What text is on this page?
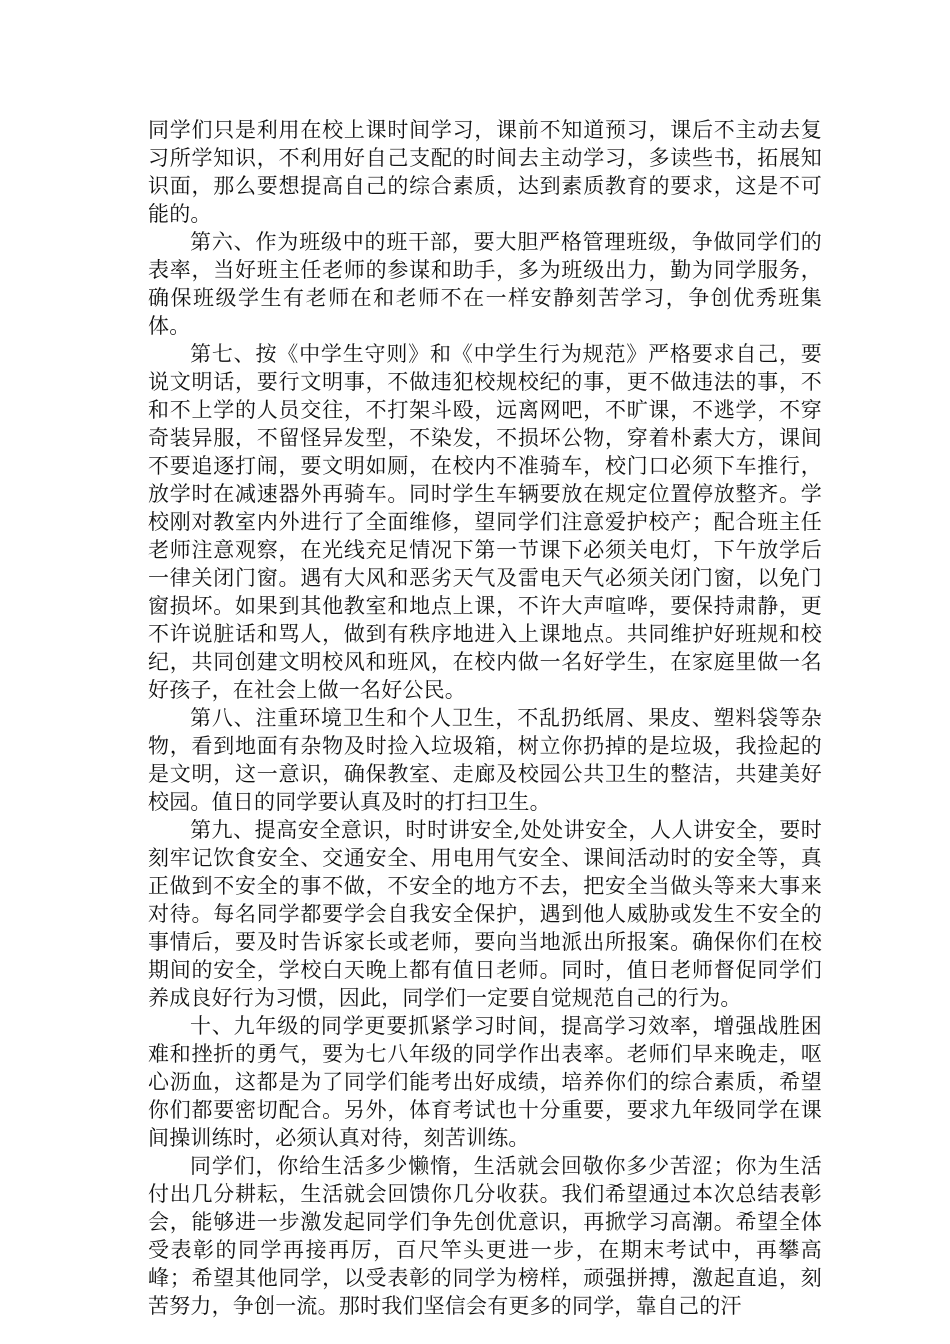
同学们只是利用在校上课时间学习，课前不知道预习，课后不主动去复习所学知识，不利用好自己支配的时间去主动学习，多读些书，拓展知识面，那么要想提高自己的综合素质，达到素质教育的要求，这是不可能的。

第六、作为班级中的班干部，要大胆严格管理班级，争做同学们的表率，当好班主任老师的参谋和助手，多为班级出力，勤为同学服务，确保班级学生有老师在和老师不在一样安静刻苦学习，争创优秀班集体。

第七、按《中学生守则》和《中学生行为规范》严格要求自己，要说文明话，要行文明事，不做违犯校规校纪的事，更不做违法的事，不和不上学的人员交往，不打架斗殴，远离网吧，不旷课，不逃学，不穿奇装异服，不留怪异发型，不染发，不损坏公物，穿着朴素大方，课间不要追逐打闹，要文明如厕，在校内不准骑车，校门口必须下车推行，放学时在减速器外再骑车。同时学生车辆要放在规定位置停放整齐。学校刚对教室内外进行了全面维修，望同学们注意爱护校产；配合班主任老师注意观察，在光线充足情况下第一节课下必须关电灯，下午放学后一律关闭门窗。遇有大风和恶劣天气及雷电天气必须关闭门窗，以免门窗损坏。如果到其他教室和地点上课，不许大声喧哗，要保持肃静，更不许说脏话和骂人，做到有秩序地进入上课地点。共同维护好班规和校纪，共同创建文明校风和班风，在校内做一名好学生，在家庭里做一名好孩子，在社会上做一名好公民。

第八、注重环境卫生和个人卫生，不乱扔纸屑、果皮、塑料袋等杂物，看到地面有杂物及时捡入垃圾箱，树立你扔掉的是垃圾，我捡起的是文明，这一意识，确保教室、走廊及校园公共卫生的整洁，共建美好校园。值日的同学要认真及时的打扫卫生。

第九、提高安全意识，时时讲安全,处处讲安全，人人讲安全，要时刻牢记饮食安全、交通安全、用电用气安全、课间活动时的安全等，真正做到不安全的事不做，不安全的地方不去，把安全当做头等来大事来对待。每名同学都要学会自我安全保护，遇到他人威胁或发生不安全的事情后，要及时告诉家长或老师，要向当地派出所报案。确保你们在校期间的安全，学校白天晚上都有值日老师。同时，值日老师督促同学们养成良好行为习惯，因此，同学们一定要自觉规范自己的行为。

十、九年级的同学更要抓紧学习时间，提高学习效率，增强战胜困难和挫折的勇气，要为七八年级的同学作出表率。老师们早来晚走，呕心沥血，这都是为了同学们能考出好成绩，培养你们的综合素质，希望你们都要密切配合。另外，体育考试也十分重要，要求九年级同学在课间操训练时，必须认真对待，刻苦训练。

同学们，你给生活多少懒惰，生活就会回敬你多少苦涩；你为生活付出几分耕耘，生活就会回馈你几分收获。我们希望通过本次总结表彰会，能够进一步激发起同学们争先创优意识，再掀学习高潮。希望全体受表彰的同学再接再厉，百尺竿头更进一步，在期末考试中，再攀高峰；希望其他同学，以受表彰的同学为榜样，顽强拼搏，激起直追，刻苦努力，争创一流。那时我们坚信会有更多的同学，靠自己的汗
